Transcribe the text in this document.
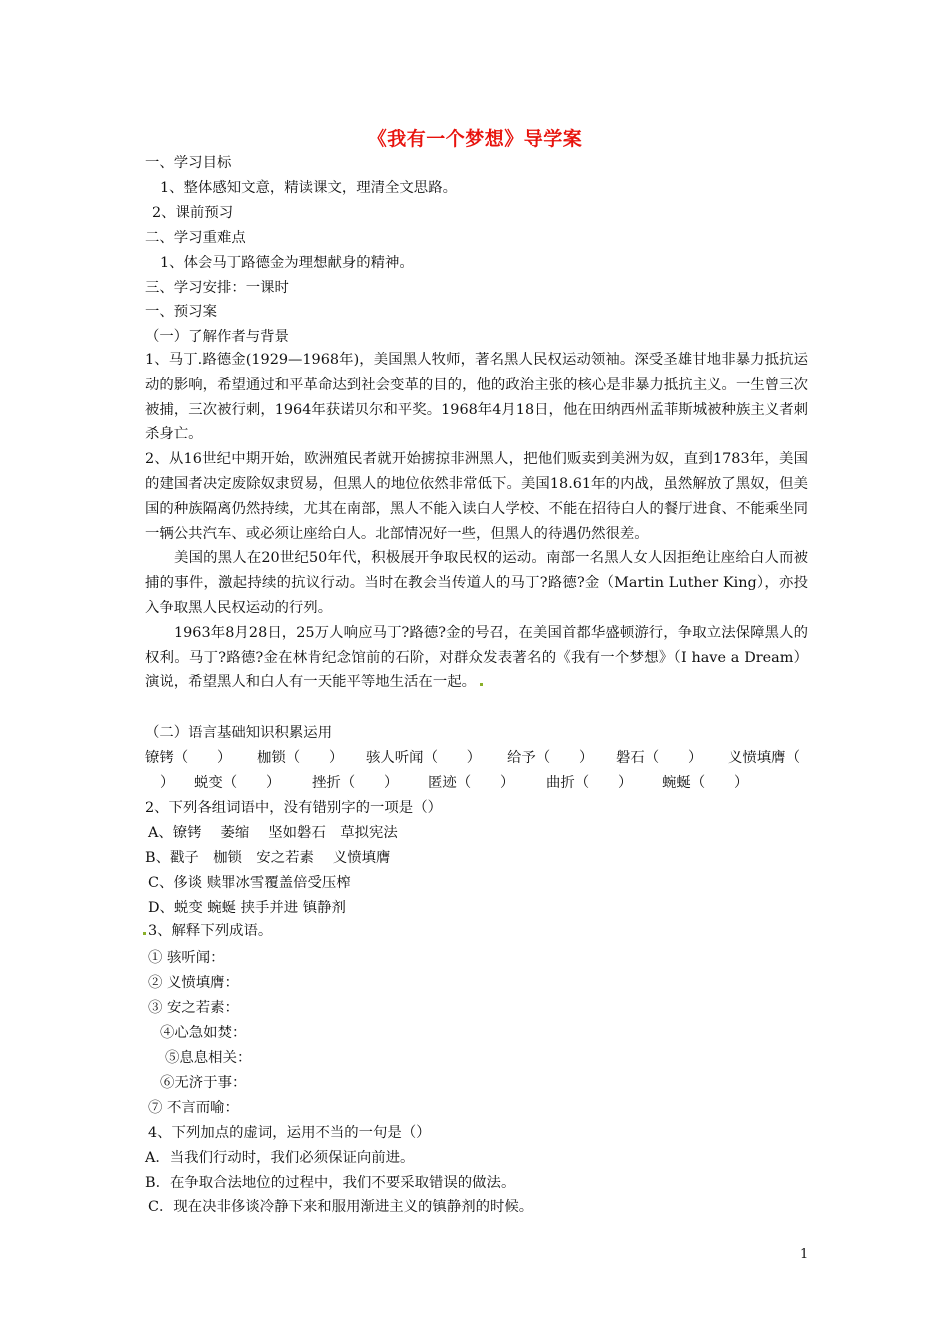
《我有一个梦想》导学案
一、学习目标
1、整体感知文意，精读课文，理清全文思路。
2、课前预习
二、学习重难点
1、体会马丁路德金为理想献身的精神。
三、学习安排：一课时
一、预习案
（一）了解作者与背景

1、马丁.路德金(1929—1968年)，美国黑人牧师，著名黑人民权运动领袖。深受圣雄甘地非暴力抵抗运动的影响，希望通过和平革命达到社会变革的目的，他的政治主张的核心是非暴力抵抗主义。一生曾三次被捕，三次被行刺，1964年获诺贝尔和平奖。1968年4月18日，他在田纳西州孟菲斯城被种族主义者刺杀身亡。

2、从16世纪中期开始，欧洲殖民者就开始掳掠非洲黑人，把他们贩卖到美洲为奴，直到1783年，美国的建国者决定废除奴隶贸易，但黑人的地位依然非常低下。美国18.61年的内战，虽然解放了黑奴，但美国的种族隔离仍然持续，尤其在南部，黑人不能入读白人学校、不能在招待白人的餐厅进食、不能乘坐同一辆公共汽车、或必须让座给白人。北部情况好一些，但黑人的待遇仍然很差。

美国的黑人在20世纪50年代，积极展开争取民权的运动。南部一名黑人女人因拒绝让座给白人而被捕的事件，激起持续的抗议行动。当时在教会当传道人的马丁?路德?金（Martin Luther King），亦投入争取黑人民权运动的行列。

1963年8月28日，25万人响应马丁?路德?金的号召，在美国首都华盛顿游行，争取立法保障黑人的权利。马丁?路德?金在林肯纪念馆前的石阶，对群众发表著名的《我有一个梦想》（I have a Dream）演说，希望黑人和白人有一天能平等地生活在一起。

（二）语言基础知识积累运用
镣铐（　　） 枷锁（　　） 骇人听闻（　　） 给予（　　） 磐石（　　） 义愤填膺（
） 蜕变（　　） 挫折（　　） 匿迹（　　） 曲折（　　） 蜿蜒（　　）
2、下列各组词语中，没有错别字的一项是（）
A、镣铐　 萎缩　 坚如磐石　草拟宪法
B、戳子　枷锁　安之若素　 义愤填膺
C、侈谈 赎罪冰雪覆盖倍受压榨
D、蜕变 蜿蜒 挟手并进 镇静剂
3、解释下列成语。
① 骇听闻：
② 义愤填膺：
③ 安之若素：
④心急如焚：
⑤息息相关：
⑥无济于事：
⑦ 不言而喻：
4、下列加点的虚词，运用不当的一句是（）
A．当我们行动时，我们必须保证向前进。
B．在争取合法地位的过程中，我们不要采取错误的做法。
C．现在决非侈谈冷静下来和服用渐进主义的镇静剂的时候。
1
